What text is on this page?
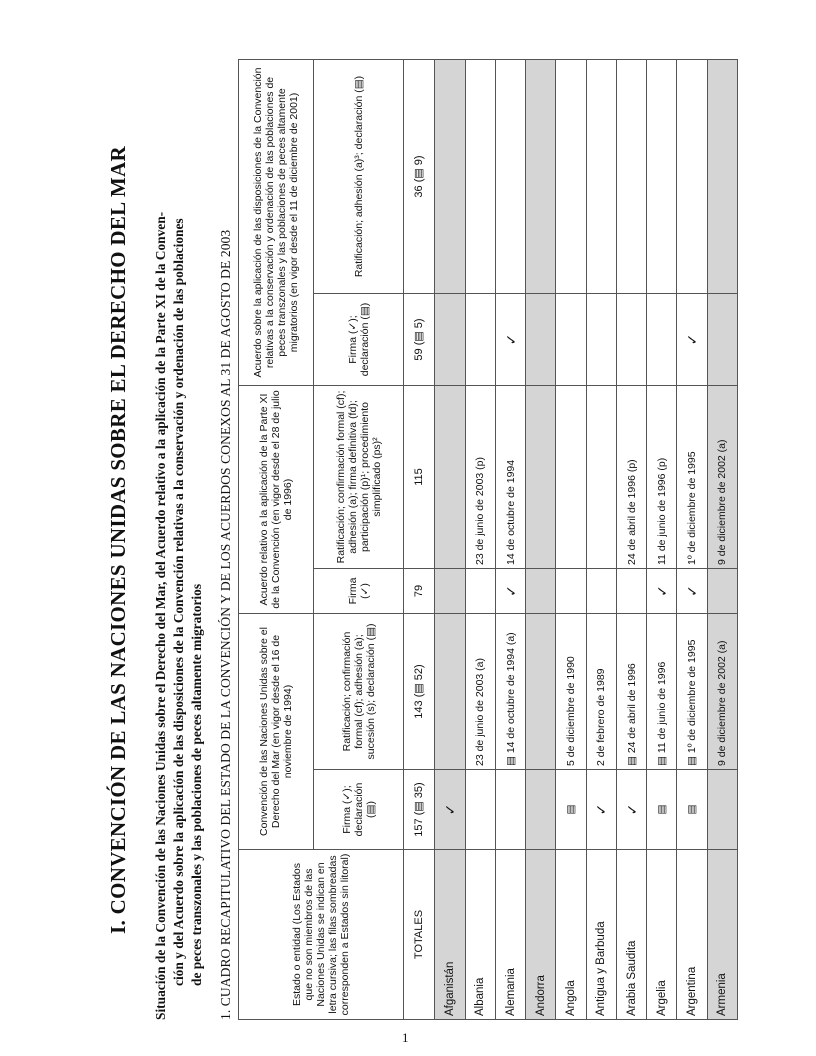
I. CONVENCIÓN DE LAS NACIONES UNIDAS SOBRE EL DERECHO DEL MAR Situación de la Convención de las Naciones Unidas sobre el Derecho del Mar, del Acuerdo relativo a la aplicación de la Parte XI de la Conven- ción y del Acuerdo sobre la aplicación de las disposiciones de la Convención relativas a la conservación y ordenación de las poblaciones de peces transzonales y las poblaciones de peces altamente migratorios 1. CUADRO RECAPITULATIVO DEL ESTADO DE LA CONVENCIÓN Y DE LOS ACUERDOS CONEXOS AL 31 DE AGOSTO DE 2003	Estado o entidad (Los Estados que no son miembros de las Naciones Unidas se indican en letra cursiva; las filas sombreadas corresponden a Estados sin litoral)	Convención de las Naciones Unidas sobre el Derecho del Mar (en vigor desde el 16 de noviembre de 1994)		Acuerdo relativo a la aplicación de la Parte XI de la Convención (en vigor desde el 28 de julio de 1996)		Acuerdo sobre la aplicación de las disposiciones de la Convención relativas a la conservación y ordenación de las poblaciones de peces transzonales y las poblaciones de peces altamente migratorios (en vigor desde el 11 de diciembre de 2001)	
	Firma (✓); declaración (▤)	Ratificación; confirmación formal (cf); adhesión (a); sucesión (s); declaración (▤)	Firma (✓)	Ratificación; confirmación formal (cf); adhesión (a); firma definitiva (fd); participación (p)¹; procedimiento simplificado (ps)²	Firma (✓); declaración (▤)	Ratificación; adhesión (a)³; declaración (▤)
TOTALES	157 (▤ 35)	143 (▤ 52)	79	115	59 (▤ 5)	36 (▤ 9)
Afganistán	✓					
Albania		23 de junio de 2003 (a)		23 de junio de 2003 (p)		
Alemania		▤ 14 de octubre de 1994 (a)	✓	14 de octubre de 1994	✓	
Andorra						
Angola	▤	5 de diciembre de 1990				
Antigua y Barbuda	✓	2 de febrero de 1989				
Arabia Saudita	✓	▤ 24 de abril de 1996		24 de abril de 1996 (p)		
Argelia	▤	▤ 11 de junio de 1996	✓	11 de junio de 1996 (p)		
Argentina	▤	▤ 1º de diciembre de 1995	✓	1º de diciembre de 1995	✓	
Armenia		9 de diciembre de 2002 (a)		9 de diciembre de 2002 (a)		
1
